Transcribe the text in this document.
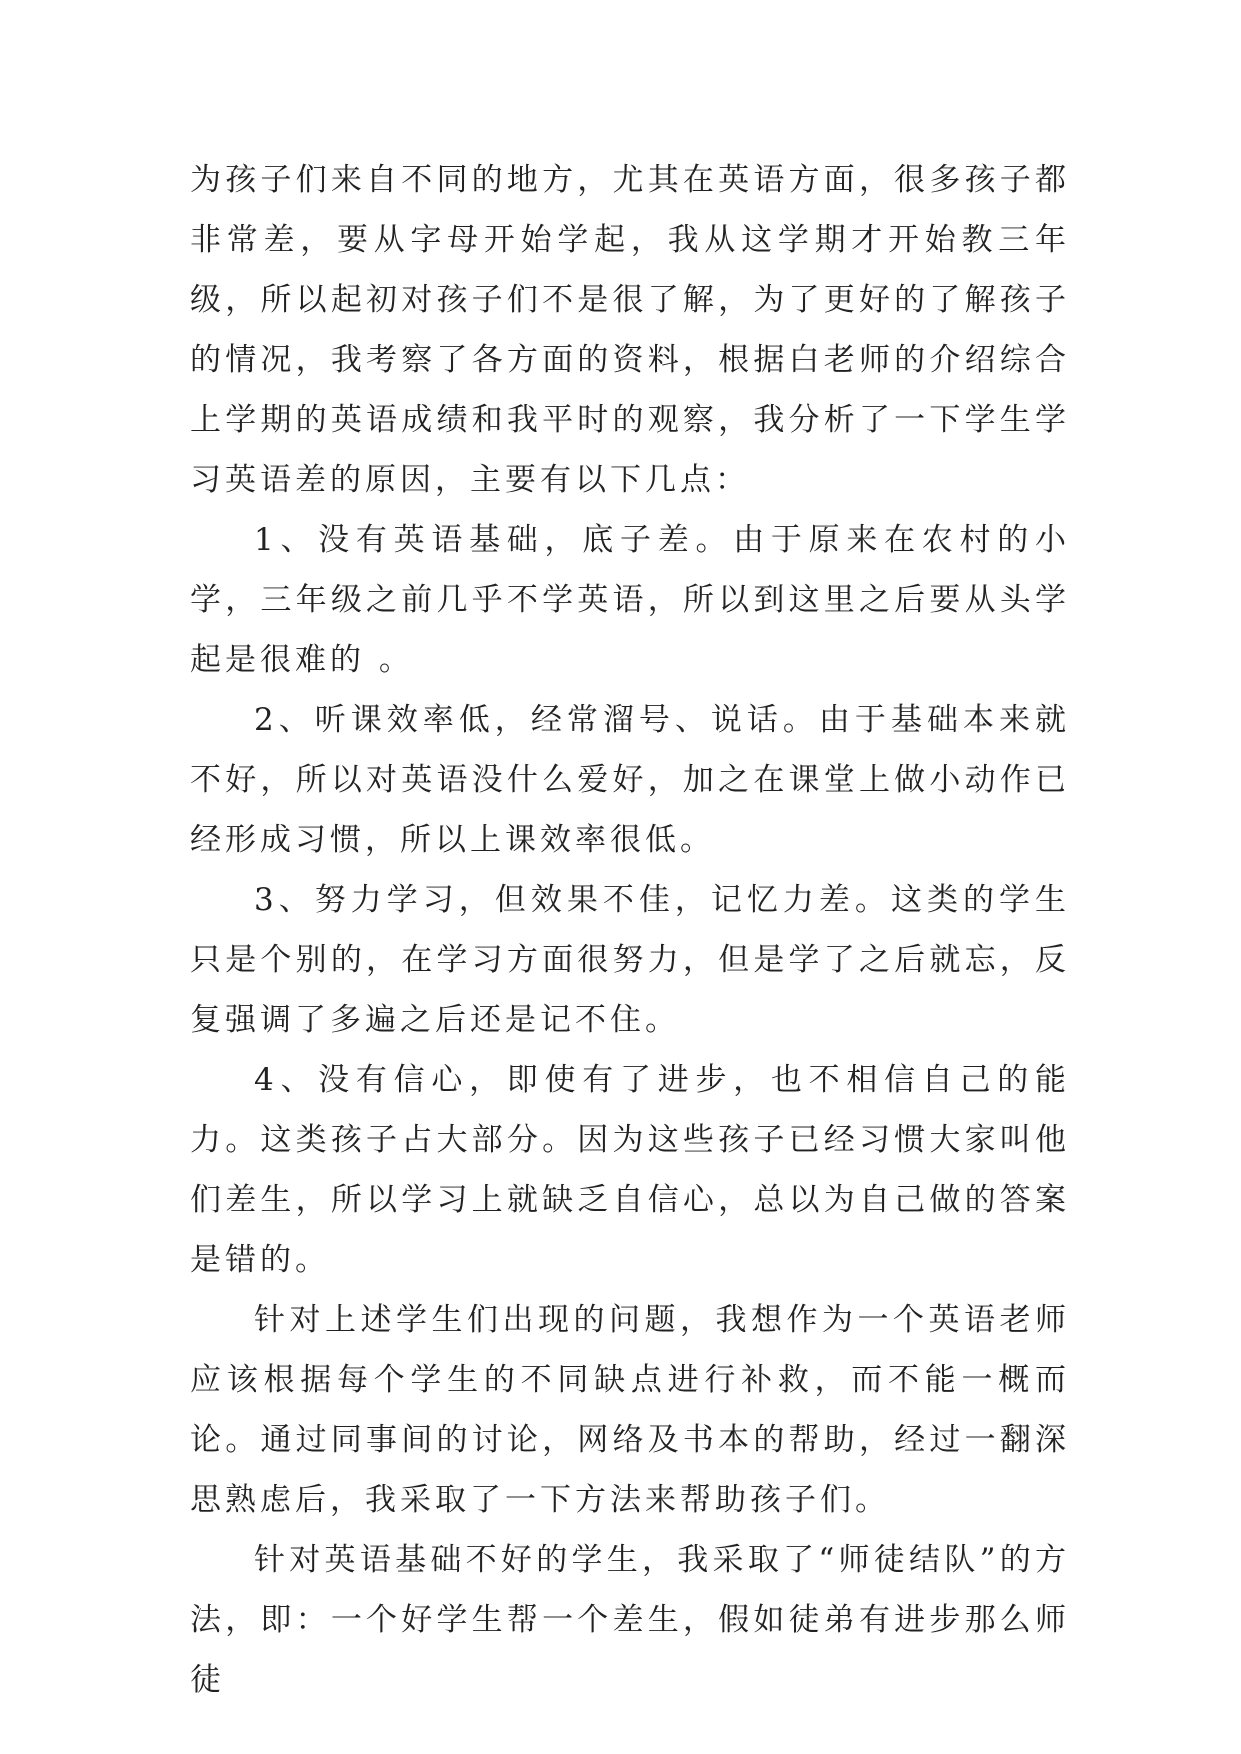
为孩子们来自不同的地方，尤其在英语方面，很多孩子都非常差，要从字母开始学起，我从这学期才开始教三年级，所以起初对孩子们不是很了解，为了更好的了解孩子的情况，我考察了各方面的资料，根据白老师的介绍综合上学期的英语成绩和我平时的观察，我分析了一下学生学习英语差的原因，主要有以下几点：

1、没有英语基础，底子差。由于原来在农村的小学，三年级之前几乎不学英语，所以到这里之后要从头学起是很难的 。

2、听课效率低，经常溜号、说话。由于基础本来就不好，所以对英语没什么爱好，加之在课堂上做小动作已经形成习惯，所以上课效率很低。

3、努力学习，但效果不佳，记忆力差。这类的学生只是个别的，在学习方面很努力，但是学了之后就忘，反复强调了多遍之后还是记不住。

4、没有信心，即使有了进步，也不相信自己的能力。这类孩子占大部分。因为这些孩子已经习惯大家叫他们差生，所以学习上就缺乏自信心，总以为自己做的答案是错的。

针对上述学生们出现的问题，我想作为一个英语老师应该根据每个学生的不同缺点进行补救，而不能一概而论。通过同事间的讨论，网络及书本的帮助，经过一翻深思熟虑后，我采取了一下方法来帮助孩子们。

针对英语基础不好的学生，我采取了“师徒结队”的方法，即：一个好学生帮一个差生，假如徒弟有进步那么师徒
